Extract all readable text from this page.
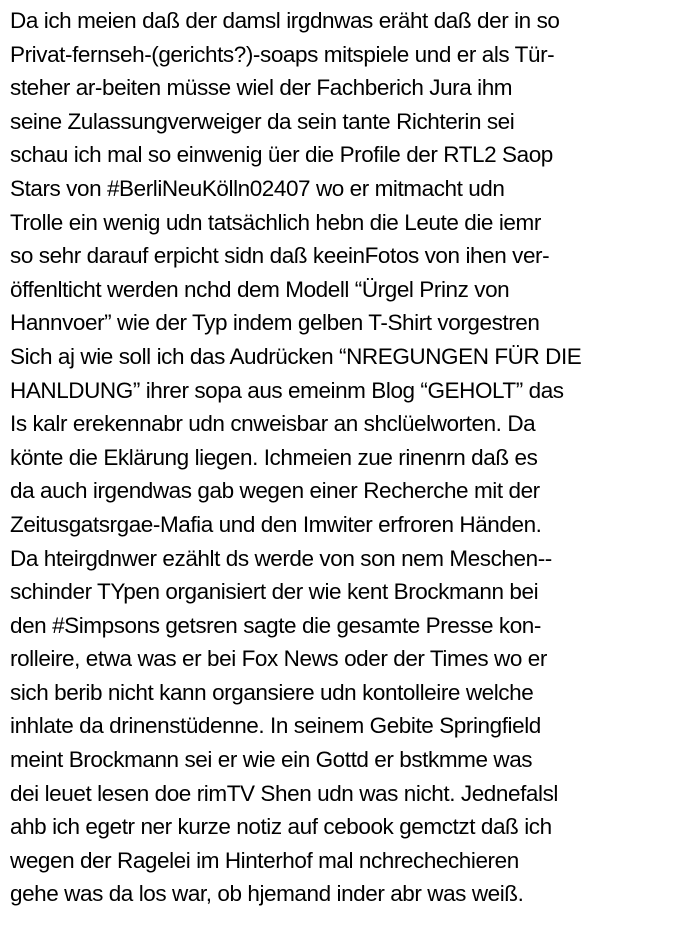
Da ich meien daß der damsl irgdnwas eräht daß der in so
Privat-fernseh-(gerichts?)-soaps mitspiele und er als Tür-
steher ar-beiten müsse wiel der Fachberich Jura ihm
seine Zulassungverweiger da sein tante Richterin sei
schau ich mal so einwenig üer die Profile der RTL2 Saop
Stars von #BerliNeuKölln02407 wo er mitmacht udn
Trolle ein wenig udn tatsächlich hebn die Leute die iemr
so sehr darauf erpicht sidn daß keeinFotos von ihen ver-
öffenlticht werden nchd dem Modell “Ürgel Prinz von
Hannvoer” wie der Typ indem gelben T-Shirt vorgestren
Sich aj wie soll ich das Audrücken “NREGUNGEN FÜR DIE
HANLDUNG” ihrer sopa aus emeinm Blog “GEHOLT” das
Is kalr erekennabr udn cnweisbar an shclüelworten. Da
könte die Eklärung liegen. Ichmeien zue rinenrn daß es
da auch irgendwas gab wegen einer Recherche mit der
Zeitusgatsrgae-Mafia und den Imwiter erfroren Händen.
Da hteirgdnwer ezählt ds werde von son nem Meschen--
schinder TYpen organisiert der wie kent Brockmann bei
den #Simpsons getsren sagte die gesamte Presse kon-
rolleire, etwa was er bei Fox News oder der Times wo er
sich berib nicht kann organsiere udn kontolleire welche
inhlate da drinenstüdenne. In seinem Gebite Springfield
meint Brockmann sei er wie ein Gottd er bstkmme was
dei leuet lesen doe rimTV Shen udn was nicht. Jednefalsl
ahb ich egetr ner kurze notiz auf cebook gemctzt daß ich
wegen der Ragelei im Hinterhof mal nchrechechieren
gehe was da los war, ob hjemand inder abr was weiß.
